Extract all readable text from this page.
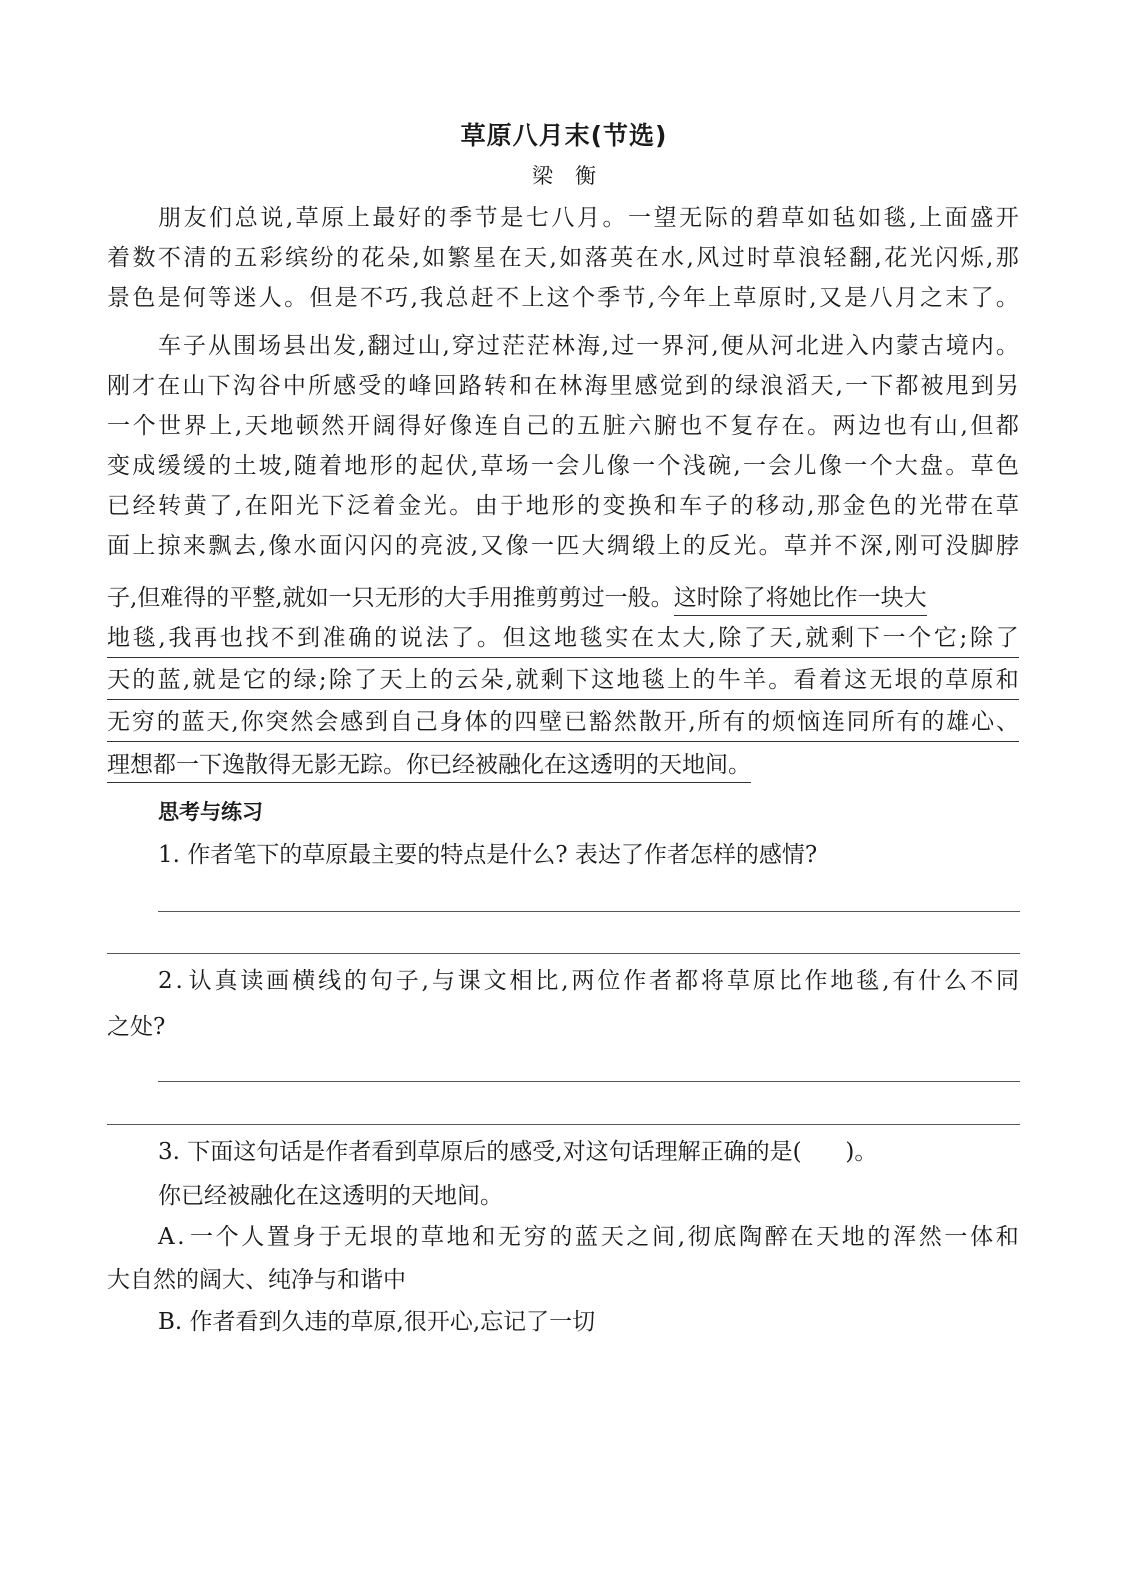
草原八月末(节选)
梁衡
朋 友 们 总 说 , 草 原 上 最 好 的 季 节 是 七 八 月 。 一 望 无 际 的 碧 草 如 毡 如 毯 , 上 面 盛 开
着 数 不 清 的 五 彩 缤 纷 的 花 朵 , 如 繁 星 在 天 , 如 落 英 在 水 , 风 过 时 草 浪 轻 翻 , 花 光 闪 烁 , 那
景 色 是 何 等 迷 人 。 但 是 不 巧 , 我 总 赶 不 上 这 个 季 节 , 今 年 上 草 原 时 , 又 是 八 月 之 末 了 。
车 子 从 围 场 县 出 发 , 翻 过 山 , 穿 过 茫 茫 林 海 , 过 一 界 河 , 便 从 河 北 进 入 内 蒙 古 境 内 。
刚 才 在 山 下 沟 谷 中 所 感 受 的 峰 回 路 转 和 在 林 海 里 感 觉 到 的 绿 浪 滔 天 , 一 下 都 被 甩 到 另
一 个 世 界 上 , 天 地 顿 然 开 阔 得 好 像 连 自 己 的 五 脏 六 腑 也 不 复 存 在 。 两 边 也 有 山 , 但 都
变 成 缓 缓 的 土 坡 , 随 着 地 形 的 起 伏 , 草 场 一 会 儿 像 一 个 浅 碗 , 一 会 儿 像 一 个 大 盘 。 草 色
已 经 转 黄 了 , 在 阳 光 下 泛 着 金 光 。 由 于 地 形 的 变 换 和 车 子 的 移 动 , 那 金 色 的 光 带 在 草
面 上 掠 来 飘 去 , 像 水 面 闪 闪 的 亮 波 , 又 像 一 匹 大 绸 缎 上 的 反 光 。 草 并 不 深 , 刚 可 没 脚 脖
子,但难得的平整,就如一只无形的大手用推剪剪过一般。这时除了将她比作一块大
地 毯 , 我 再 也 找 不 到 准 确 的 说 法 了 。 但 这 地 毯 实 在 太 大 , 除 了 天 , 就 剩 下 一 个 它 ; 除 了
天 的 蓝 , 就 是 它 的 绿 ; 除 了 天 上 的 云 朵 , 就 剩 下 这 地 毯 上 的 牛 羊 。 看 着 这 无 垠 的 草 原 和
无 穷 的 蓝 天 , 你 突 然 会 感 到 自 己 身 体 的 四 壁 已 豁 然 散 开 , 所 有 的 烦 恼 连 同 所 有 的 雄 心 、
理想都一下逸散得无影无踪。你已经被融化在这透明的天地间。
思考与练习
1. 作者笔下的草原最主要的特点是什么? 表达了作者怎样的感情?
2 . 认 真 读 画 横 线 的 句 子 , 与 课 文 相 比 , 两 位 作 者 都 将 草 原 比 作 地 毯 , 有 什 么 不 同
之处?
3. 下面这句话是作者看到草原后的感受,对这句话理解正确的是(      )。
你已经被融化在这透明的天地间。
A . 一 个 人 置 身 于 无 垠 的 草 地 和 无 穷 的 蓝 天 之 间 , 彻 底 陶 醉 在 天 地 的 浑 然 一 体 和
大自然的阔大、纯净与和谐中
B. 作者看到久违的草原,很开心,忘记了一切
